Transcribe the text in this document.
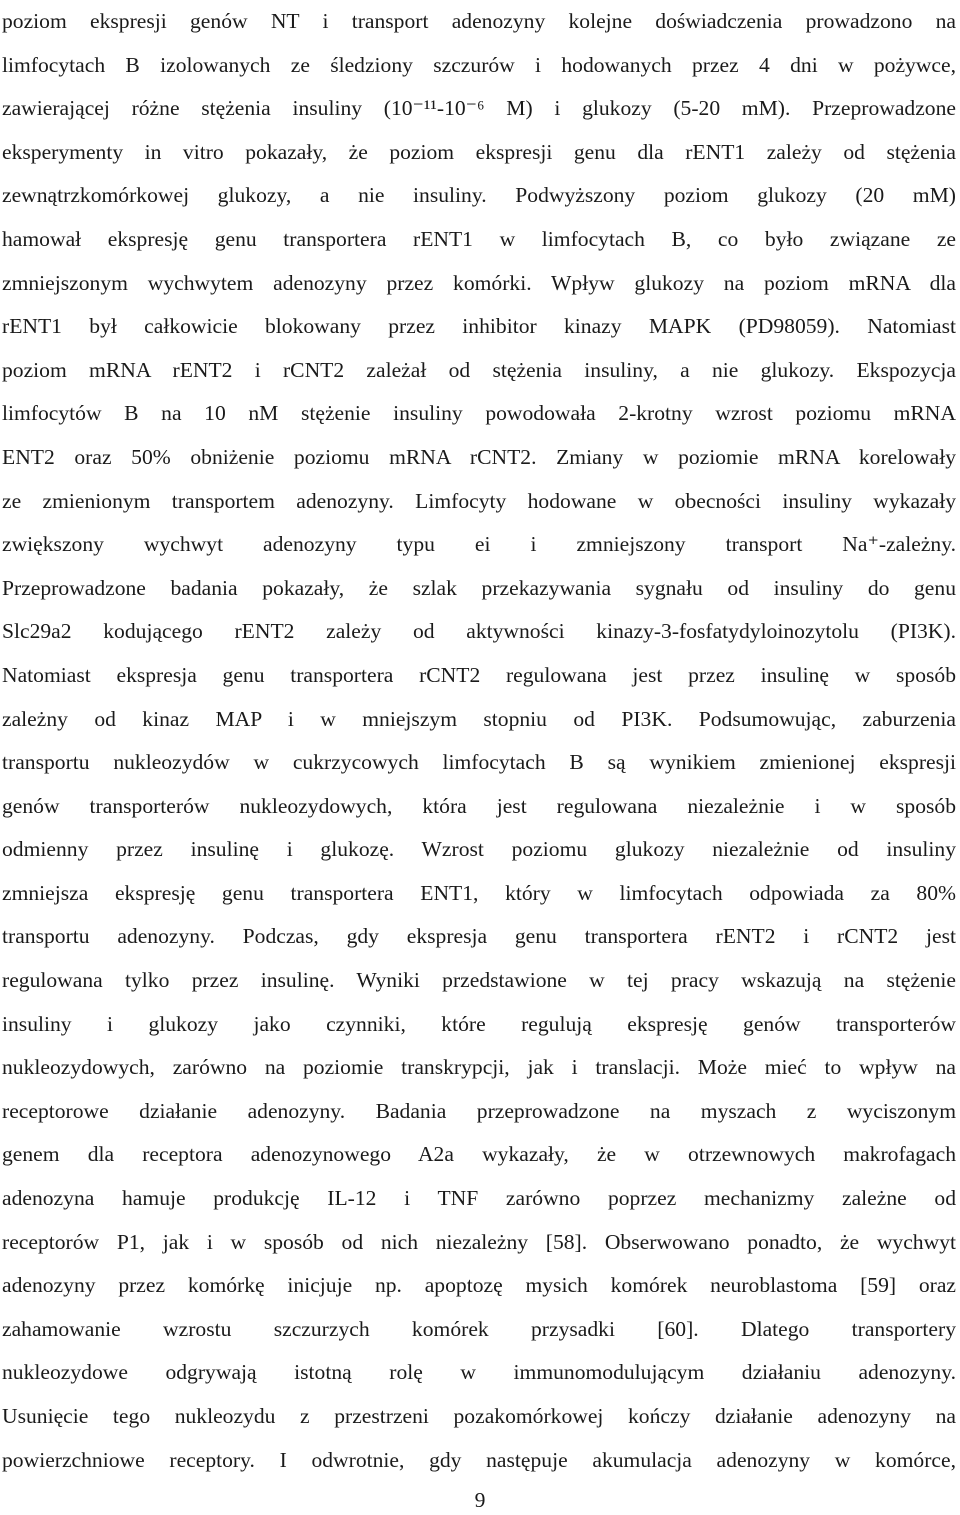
poziom ekspresji genów NT i transport adenozyny kolejne doświadczenia prowadzono na
limfocytach B izolowanych ze śledziony szczurów i hodowanych przez 4 dni w pożywce,
zawierającej różne stężenia insuliny (10⁻¹¹-10⁻⁶ M) i glukozy (5-20 mM). Przeprowadzone
eksperymenty in vitro pokazały, że poziom ekspresji genu dla rENT1 zależy od stężenia
zewnątrzkomórkowej glukozy, a nie insuliny. Podwyższony poziom glukozy (20 mM)
hamował ekspresję genu transportera rENT1 w limfocytach B, co było związane ze
zmniejszonym wychwytem adenozyny przez komórki. Wpływ glukozy na poziom mRNA dla
rENT1 był całkowicie blokowany przez inhibitor kinazy MAPK (PD98059). Natomiast
poziom mRNA rENT2 i rCNT2 zależał od stężenia insuliny, a nie glukozy. Ekspozycja
limfocytów B na 10 nM stężenie insuliny powodowała 2-krotny wzrost poziomu mRNA
ENT2 oraz 50% obniżenie poziomu mRNA rCNT2. Zmiany w poziomie mRNA korelowały
ze zmienionym transportem adenozyny. Limfocyty hodowane w obecności insuliny wykazały
zwiększony wychwyt adenozyny typu ei i zmniejszony transport Na⁺-zależny.
Przeprowadzone badania pokazały, że szlak przekazywania sygnału od insuliny do genu
Slc29a2 kodującego rENT2 zależy od aktywności kinazy-3-fosfatydyloinozytolu (PI3K).
Natomiast ekspresja genu transportera rCNT2 regulowana jest przez insulinę w sposób
zależny od kinaz MAP i w mniejszym stopniu od PI3K. Podsumowując, zaburzenia
transportu nukleozydów w cukrzycowych limfocytach B są wynikiem zmienionej ekspresji
genów transporterów nukleozydowych, która jest regulowana niezależnie i w sposób
odmienny przez insulinę i glukozę. Wzrost poziomu glukozy niezależnie od insuliny
zmniejsza ekspresję genu transportera ENT1, który w limfocytach odpowiada za 80%
transportu adenozyny. Podczas, gdy ekspresja genu transportera rENT2 i rCNT2 jest
regulowana tylko przez insulinę. Wyniki przedstawione w tej pracy wskazują na stężenie
insuliny i glukozy jako czynniki, które regulują ekspresję genów transporterów
nukleozydowych, zarówno na poziomie transkrypcji, jak i translacji. Może mieć to wpływ na
receptorowe działanie adenozyny. Badania przeprowadzone na myszach z wyciszonym
genem dla receptora adenozynowego A2a wykazały, że w otrzewnowych makrofagach
adenozyna hamuje produkcję IL-12 i TNF zarówno poprzez mechanizmy zależne od
receptorów P1, jak i w sposób od nich niezależny [58]. Obserwowano ponadto, że wychwyt
adenozyny przez komórkę inicjuje np. apoptozę mysich komórek neuroblastoma [59] oraz
zahamowanie wzrostu szczurzych komórek przysadki [60]. Dlatego transportery
nukleozydowe odgrywają istotną rolę w immunomodulującym działaniu adenozyny.
Usunięcie tego nukleozydu z przestrzeni pozakomórkowej kończy działanie adenozyny na
powierzchniowe receptory. I odwrotnie, gdy następuje akumulacja adenozyny w komórce,
9
